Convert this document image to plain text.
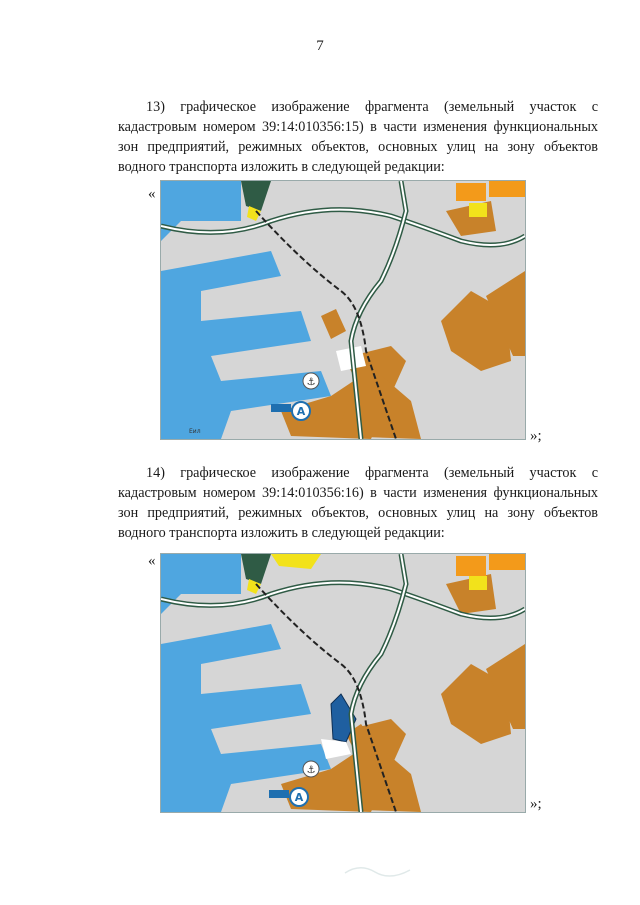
7

13) графическое изображение фрагмента (земельный участок с кадастровым номером 39:14:010356:15) в части изменения функциональных зон предприятий, режимных объектов, основных улиц на зону объектов водного транспорта изложить в следующей редакции:

«
⚓
A
Еил	»;

14) графическое изображение фрагмента (земельный участок с кадастровым номером 39:14:010356:16) в части изменения функциональных зон предприятий, режимных объектов, основных улиц на зону объектов водного транспорта изложить в следующей редакции:

«
⚓
A	»;
